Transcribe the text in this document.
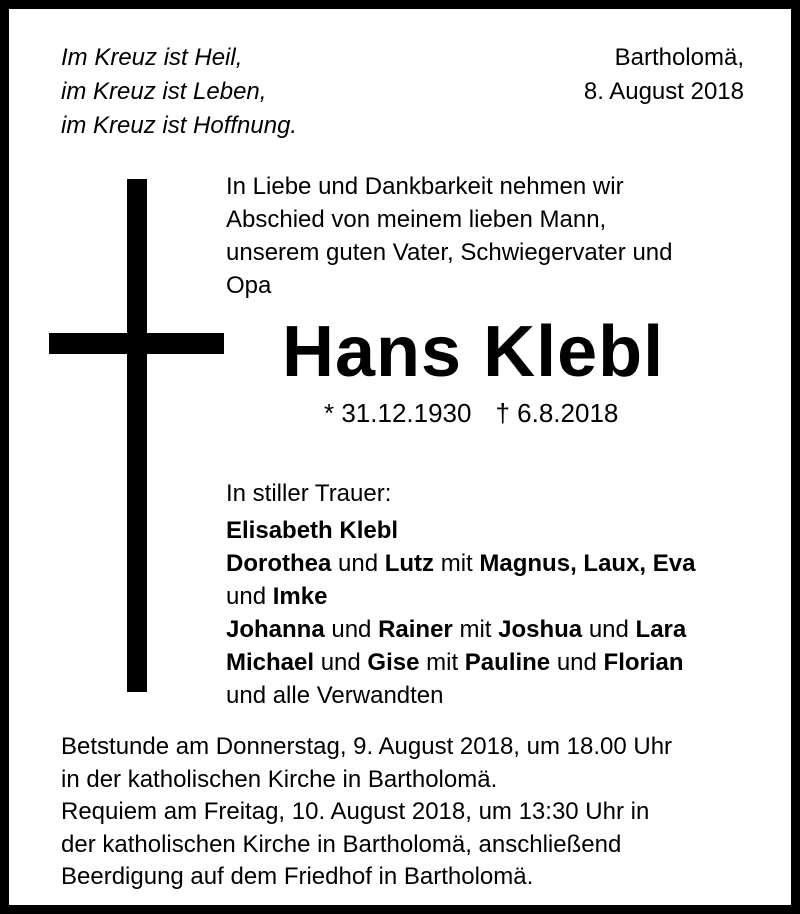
Im Kreuz ist Heil,
im Kreuz ist Leben,
im Kreuz ist Hoffnung.
Bartholomä,
8. August 2018
In Liebe und Dankbarkeit nehmen wir
Abschied von meinem lieben Mann,
unserem guten Vater, Schwiegervater und
Opa
Hans Klebl
* 31.12.1930 † 6.8.2018
In stiller Trauer:
Elisabeth Klebl
Dorothea und Lutz mit Magnus, Laux, Eva
und Imke
Johanna und Rainer mit Joshua und Lara
Michael und Gise mit Pauline und Florian
und alle Verwandten
Betstunde am Donnerstag, 9. August 2018, um 18.00 Uhr
in der katholischen Kirche in Bartholomä.
Requiem am Freitag, 10. August 2018, um 13:30 Uhr in
der katholischen Kirche in Bartholomä, anschließend
Beerdigung auf dem Friedhof in Bartholomä.
